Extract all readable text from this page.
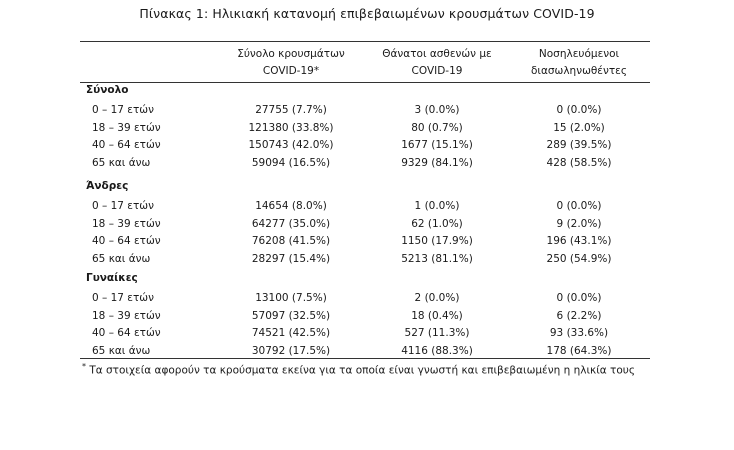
Πίνακας 1: Ηλικιακή κατανομή επιβεβαιωμένων κρουσμάτων COVID-19
Σύνολο κρουσμάτων
COVID-19*
Θάνατοι ασθενών με
COVID-19
Νοσηλευόμενοι
διασωληνωθέντες
Σύνολο
0 – 17 ετών	27755 (7.7%)	3 (0.0%)	0 (0.0%)
18 – 39 ετών	121380 (33.8%)	80 (0.7%)	15 (2.0%)
40 – 64 ετών	150743 (42.0%)	1677 (15.1%)	289 (39.5%)
65 και άνω	59094 (16.5%)	9329 (84.1%)	428 (58.5%)
Άνδρες
0 – 17 ετών	14654 (8.0%)	1 (0.0%)	0 (0.0%)
18 – 39 ετών	64277 (35.0%)	62 (1.0%)	9 (2.0%)
40 – 64 ετών	76208 (41.5%)	1150 (17.9%)	196 (43.1%)
65 και άνω	28297 (15.4%)	5213 (81.1%)	250 (54.9%)
Γυναίκες
0 – 17 ετών	13100 (7.5%)	2 (0.0%)	0 (0.0%)
18 – 39 ετών	57097 (32.5%)	18 (0.4%)	6 (2.2%)
40 – 64 ετών	74521 (42.5%)	527 (11.3%)	93 (33.6%)
65 και άνω	30792 (17.5%)	4116 (88.3%)	178 (64.3%)
* Τα στοιχεία αφορούν τα κρούσματα εκείνα για τα οποία είναι γνωστή και επιβεβαιωμένη η ηλικία τους
